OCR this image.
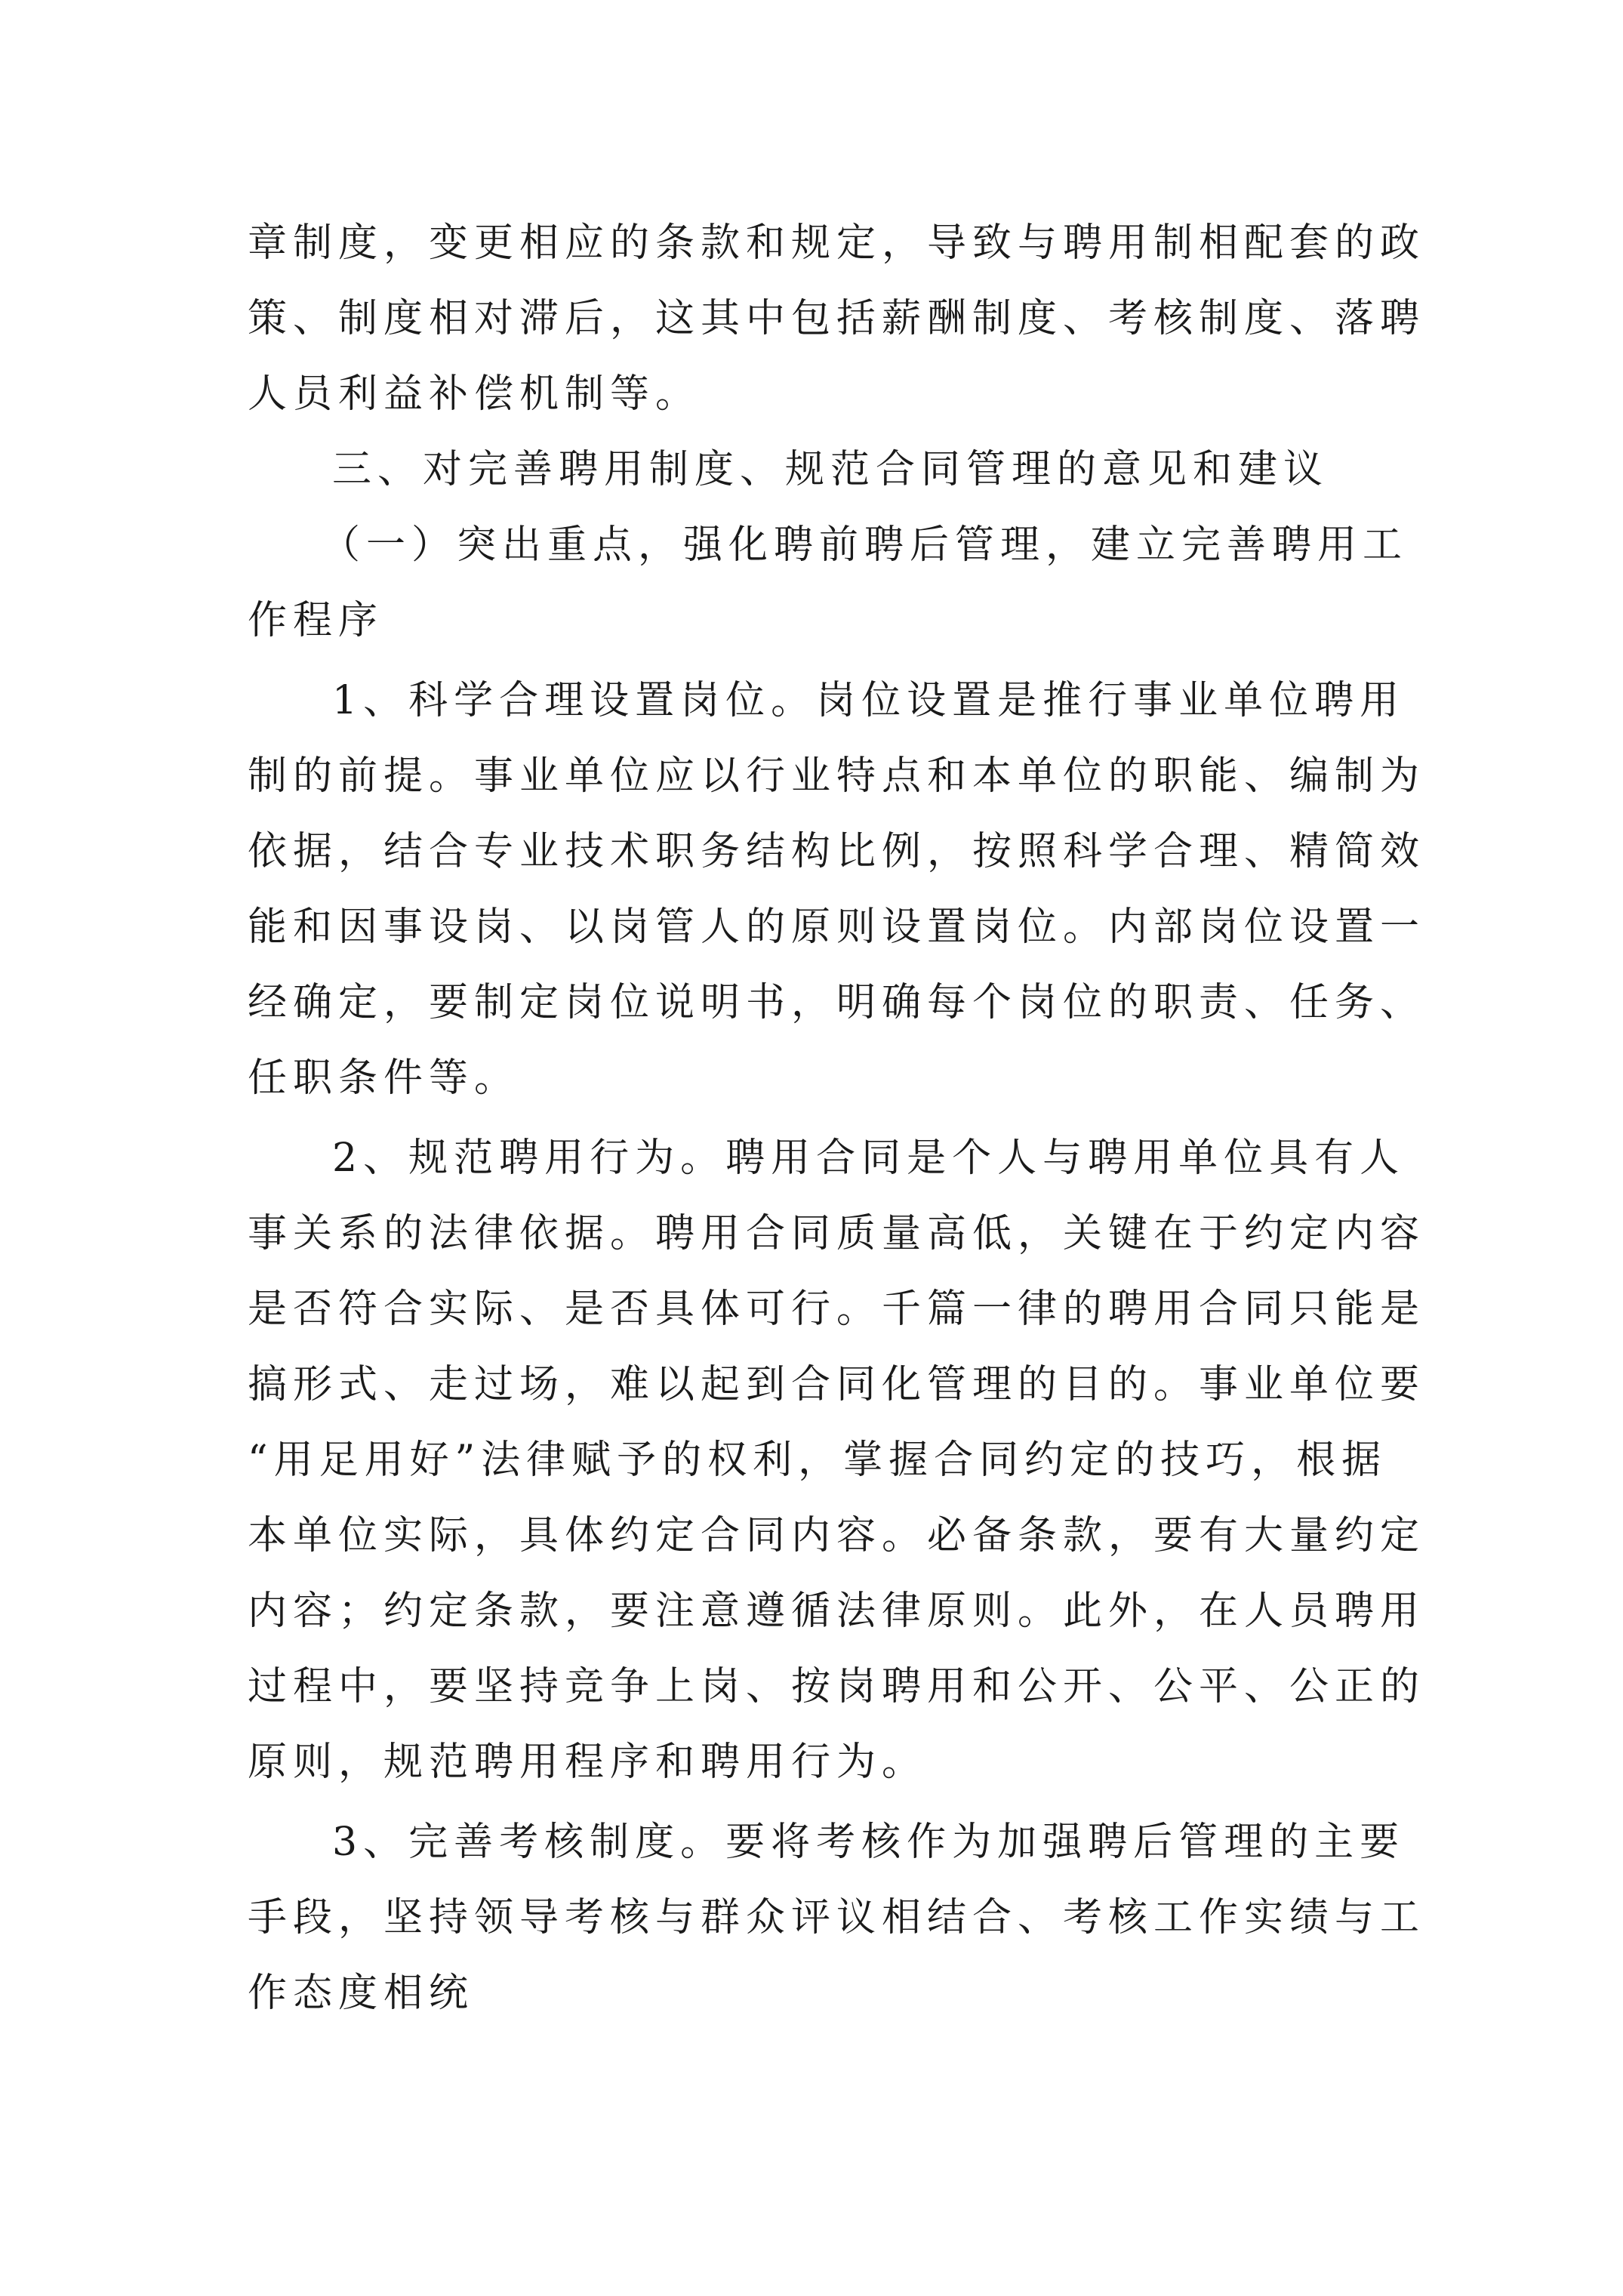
章制度，变更相应的条款和规定，导致与聘用制相配套的政

策、制度相对滞后，这其中包括薪酬制度、考核制度、落聘

人员利益补偿机制等。

三、对完善聘用制度、规范合同管理的意见和建议

（一）突出重点，强化聘前聘后管理，建立完善聘用工

作程序

1、科学合理设置岗位。岗位设置是推行事业单位聘用

制的前提。事业单位应以行业特点和本单位的职能、编制为

依据，结合专业技术职务结构比例，按照科学合理、精简效

能和因事设岗、以岗管人的原则设置岗位。内部岗位设置一

经确定，要制定岗位说明书，明确每个岗位的职责、任务、

任职条件等。

2、规范聘用行为。聘用合同是个人与聘用单位具有人

事关系的法律依据。聘用合同质量高低，关键在于约定内容

是否符合实际、是否具体可行。千篇一律的聘用合同只能是

搞形式、走过场，难以起到合同化管理的目的。事业单位要

“用足用好”法律赋予的权利，掌握合同约定的技巧，根据

本单位实际，具体约定合同内容。必备条款，要有大量约定

内容；约定条款，要注意遵循法律原则。此外，在人员聘用

过程中，要坚持竞争上岗、按岗聘用和公开、公平、公正的

原则，规范聘用程序和聘用行为。

3、完善考核制度。要将考核作为加强聘后管理的主要

手段，坚持领导考核与群众评议相结合、考核工作实绩与工

作态度相统
